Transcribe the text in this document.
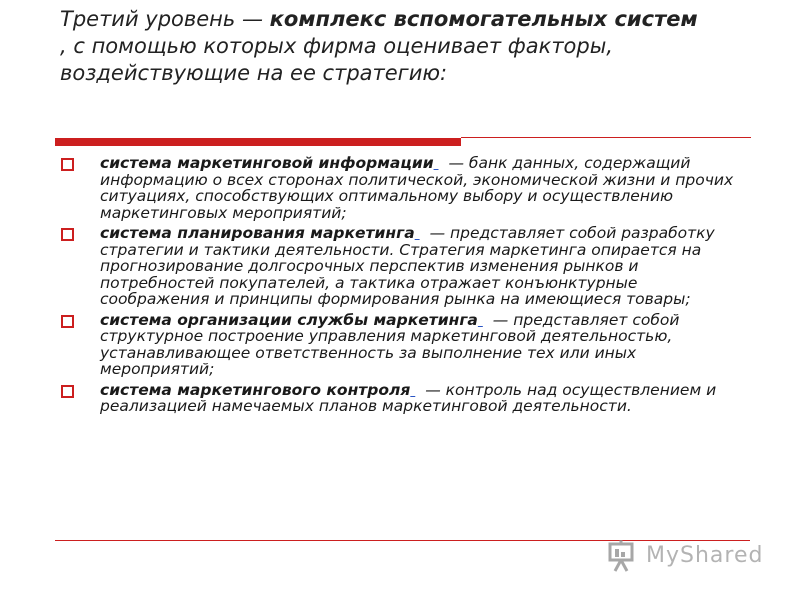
Третий уровень — комплекс вспомогательных систем
, с помощью которых фирма оценивает факторы, воздействующие на ее стратегию:
система маркетинговой информации  — банк данных, содержащий информацию о всех сторонах политической, экономической жизни и прочих ситуациях, способствующих оптимальному выбору и осуществлению маркетинговых мероприятий;
система планирования маркетинга  — представляет собой разработку стратегии и тактики деятельности. Стратегия маркетинга опирается на прогнозирование долгосрочных перспектив изменения рынков и потребностей покупателей, а тактика отражает конъюнктурные соображения и принципы формирования рынка на имеющиеся товары;
система организации службы маркетинга  — представляет собой структурное построение управления маркетинговой деятельностью, устанавливающее ответственность за выполнение тех или иных мероприятий;
система маркетингового контроля  — контроль над осуществлением и реализацией намечаемых планов маркетинговой деятельности.
MyShared
